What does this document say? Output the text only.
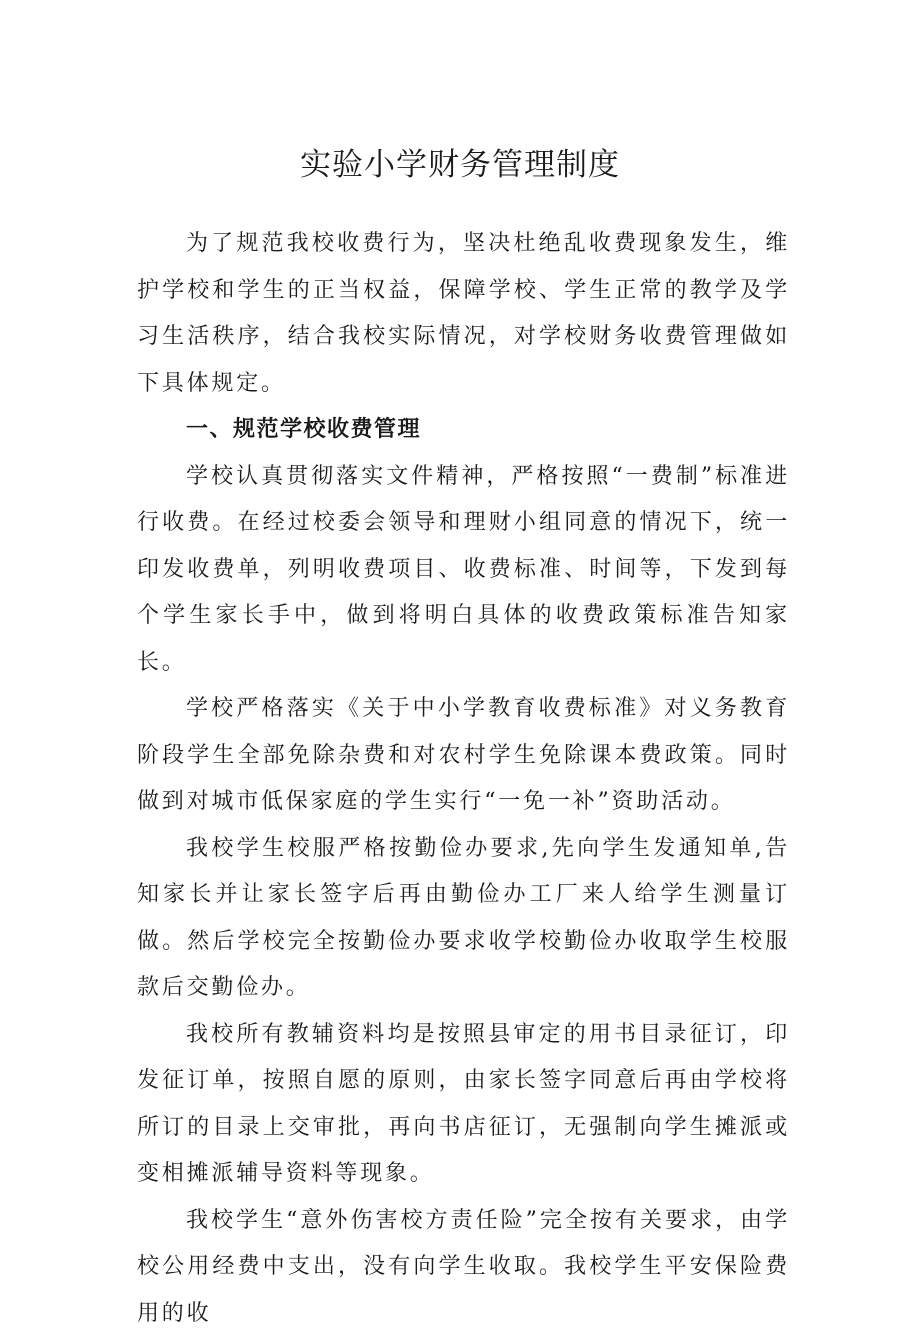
实验小学财务管理制度

为了规范我校收费行为，坚决杜绝乱收费现象发生，维护学校和学生的正当权益，保障学校、学生正常的教学及学习生活秩序，结合我校实际情况，对学校财务收费管理做如下具体规定。

一、规范学校收费管理

学校认真贯彻落实文件精神，严格按照“一费制”标准进行收费。在经过校委会领导和理财小组同意的情况下，统一印发收费单，列明收费项目、收费标准、时间等，下发到每个学生家长手中，做到将明白具体的收费政策标准告知家长。

学校严格落实《关于中小学教育收费标准》对义务教育阶段学生全部免除杂费和对农村学生免除课本费政策。同时做到对城市低保家庭的学生实行“一免一补”资助活动。

我校学生校服严格按勤俭办要求,先向学生发通知单,告知家长并让家长签字后再由勤俭办工厂来人给学生测量订做。然后学校完全按勤俭办要求收学校勤俭办收取学生校服款后交勤俭办。

我校所有教辅资料均是按照县审定的用书目录征订，印发征订单，按照自愿的原则，由家长签字同意后再由学校将所订的目录上交审批，再向书店征订，无强制向学生摊派或变相摊派辅导资料等现象。

我校学生“意外伤害校方责任险”完全按有关要求，由学校公用经费中支出，没有向学生收取。我校学生平安保险费用的收
